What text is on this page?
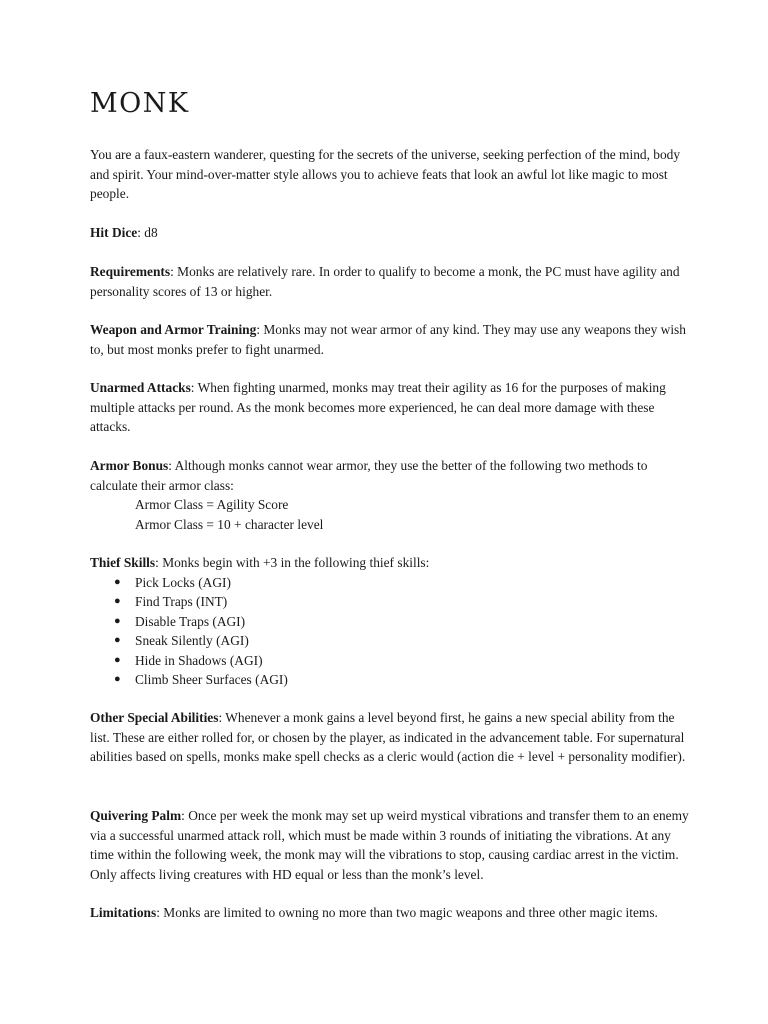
MONK

You are a faux-eastern wanderer, questing for the secrets of the universe, seeking perfection of the mind, body and spirit. Your mind-over-matter style allows you to achieve feats that look an awful lot like magic to most people.

Hit Dice: d8

Requirements: Monks are relatively rare. In order to qualify to become a monk, the PC must have agility and personality scores of 13 or higher.

Weapon and Armor Training: Monks may not wear armor of any kind. They may use any weapons they wish to, but most monks prefer to fight unarmed.

Unarmed Attacks: When fighting unarmed, monks may treat their agility as 16 for the purposes of making multiple attacks per round. As the monk becomes more experienced, he can deal more damage with these attacks.

Armor Bonus: Although monks cannot wear armor, they use the better of the following two methods to calculate their armor class:

Armor Class = Agility Score

Armor Class = 10 + character level

Thief Skills: Monks begin with +3 in the following thief skills:

● Pick Locks (AGI)
● Find Traps (INT)
● Disable Traps (AGI)
● Sneak Silently (AGI)
● Hide in Shadows (AGI)
● Climb Sheer Surfaces (AGI)

Other Special Abilities: Whenever a monk gains a level beyond first, he gains a new special ability from the list. These are either rolled for, or chosen by the player, as indicated in the advancement table. For supernatural abilities based on spells, monks make spell checks as a cleric would (action die + level + personality modifier).

Quivering Palm: Once per week the monk may set up weird mystical vibrations and transfer them to an enemy via a successful unarmed attack roll, which must be made within 3 rounds of initiating the vibrations. At any time within the following week, the monk may will the vibrations to stop, causing cardiac arrest in the victim. Only affects living creatures with HD equal or less than the monk’s level.

Limitations: Monks are limited to owning no more than two magic weapons and three other magic items.
